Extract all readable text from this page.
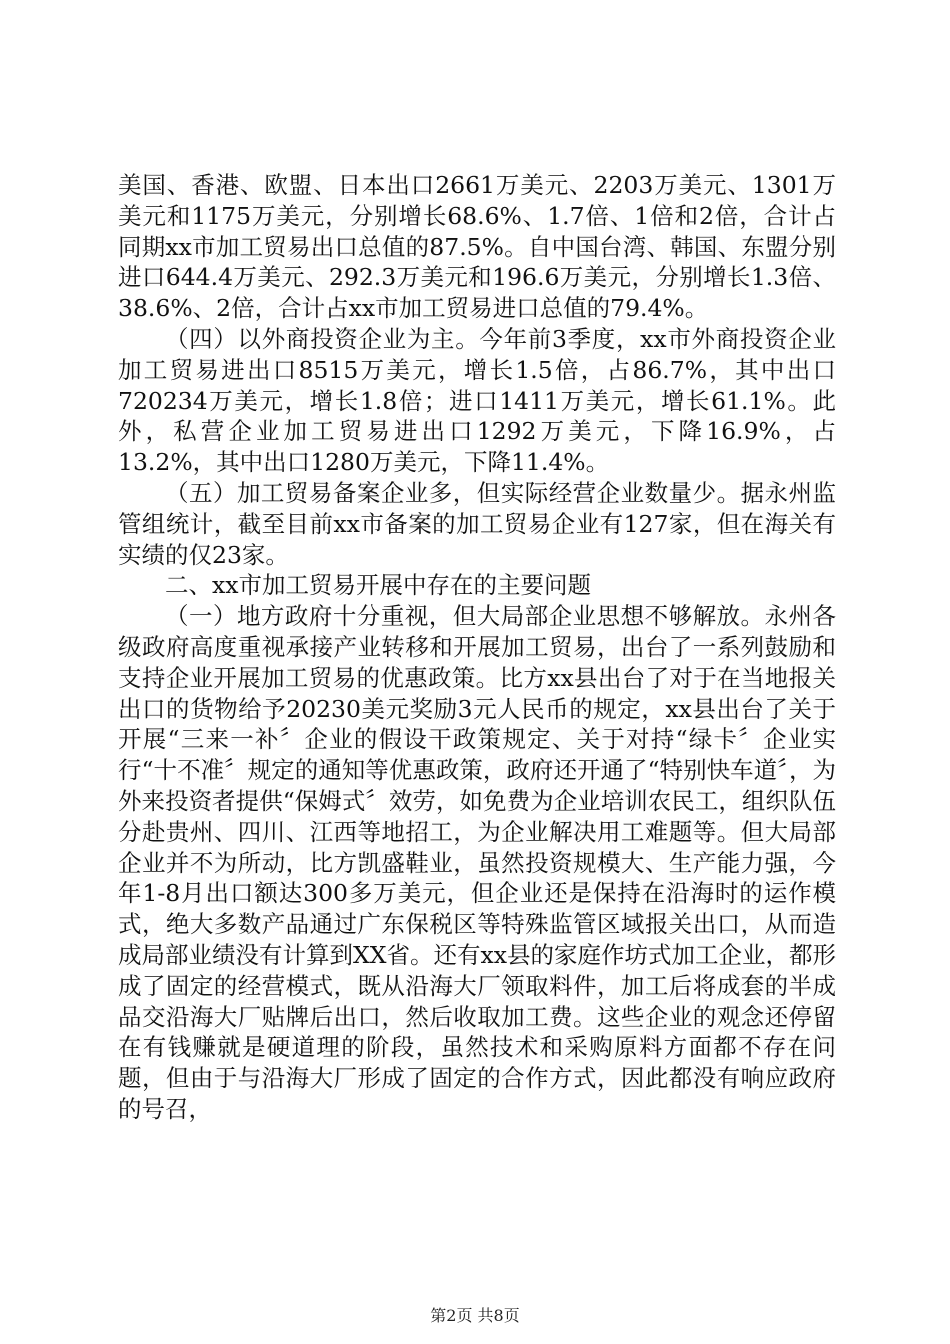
美国、香港、欧盟、日本出口2661万美元、2203万美元、1301万美元和1175万美元，分别增长68.6%、1.7倍、1倍和2倍，合计占同期xx市加工贸易出口总值的87.5%。自中国台湾、韩国、东盟分别进口644.4万美元、292.3万美元和196.6万美元，分别增长1.3倍、38.6%、2倍，合计占xx市加工贸易进口总值的79.4%。

（四）以外商投资企业为主。今年前3季度，xx市外商投资企业加工贸易进出口8515万美元，增长1.5倍，占86.7%，其中出口720234万美元，增长1.8倍；进口1411万美元，增长61.1%。此外，私营企业加工贸易进出口1292万美元，下降16.9%，占13.2%，其中出口1280万美元，下降11.4%。

（五）加工贸易备案企业多，但实际经营企业数量少。据永州监管组统计，截至目前xx市备案的加工贸易企业有127家，但在海关有实绩的仅23家。

二、xx市加工贸易开展中存在的主要问题

（一）地方政府十分重视，但大局部企业思想不够解放。永州各级政府高度重视承接产业转移和开展加工贸易，出台了一系列鼓励和支持企业开展加工贸易的优惠政策。比方xx县出台了对于在当地报关出口的货物给予20230美元奖励3元人民币的规定，xx县出台了关于开展“三来一补〞企业的假设干政策规定、关于对持“绿卡〞企业实行“十不准〞规定的通知等优惠政策，政府还开通了“特别快车道〞，为外来投资者提供“保姆式〞效劳，如免费为企业培训农民工，组织队伍分赴贵州、四川、江西等地招工，为企业解决用工难题等。但大局部企业并不为所动，比方凯盛鞋业，虽然投资规模大、生产能力强，今年1-8月出口额达300多万美元，但企业还是保持在沿海时的运作模式，绝大多数产品通过广东保税区等特殊监管区域报关出口，从而造成局部业绩没有计算到XX省。还有xx县的家庭作坊式加工企业，都形成了固定的经营模式，既从沿海大厂领取料件，加工后将成套的半成品交沿海大厂贴牌后出口，然后收取加工费。这些企业的观念还停留在有钱赚就是硬道理的阶段，虽然技术和采购原料方面都不存在问题，但由于与沿海大厂形成了固定的合作方式，因此都没有响应政府的号召，

第2页 共8页
